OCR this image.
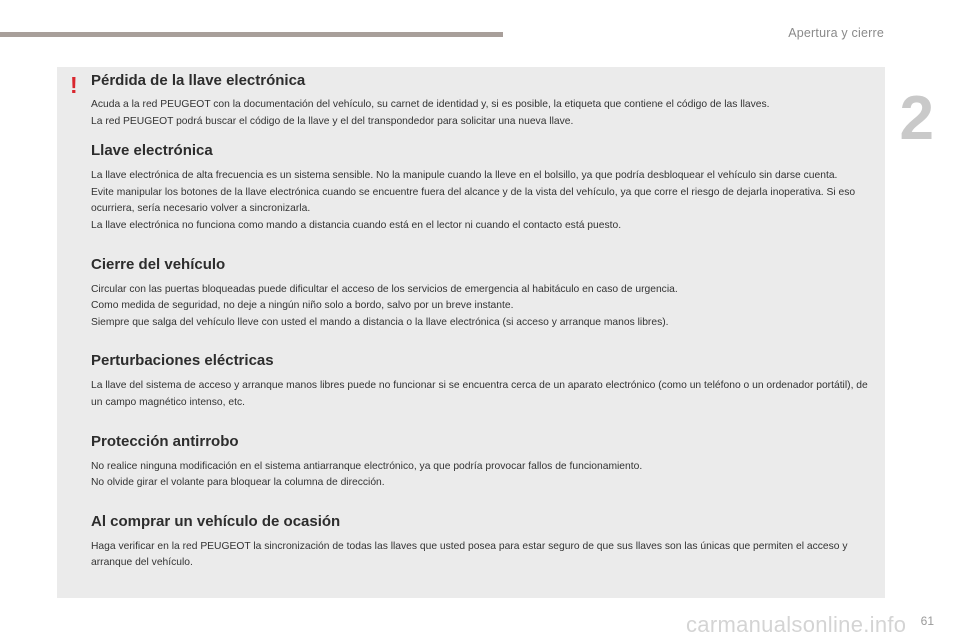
Apertura y cierre
2
! Pérdida de la llave electrónica

Acuda a la red PEUGEOT con la documentación del vehículo, su carnet de identidad y, si es posible, la etiqueta que contiene el código de las llaves.

La red PEUGEOT podrá buscar el código de la llave y el del transpondedor para solicitar una nueva llave.

Llave electrónica

La llave electrónica de alta frecuencia es un sistema sensible. No la manipule cuando la lleve en el bolsillo, ya que podría desbloquear el vehículo sin darse cuenta.

Evite manipular los botones de la llave electrónica cuando se encuentre fuera del alcance y de la vista del vehículo, ya que corre el riesgo de dejarla inoperativa. Si eso ocurriera, sería necesario volver a sincronizarla.

La llave electrónica no funciona como mando a distancia cuando está en el lector ni cuando el contacto está puesto.

Cierre del vehículo

Circular con las puertas bloqueadas puede dificultar el acceso de los servicios de emergencia al habitáculo en caso de urgencia.

Como medida de seguridad, no deje a ningún niño solo a bordo, salvo por un breve instante.

Siempre que salga del vehículo lleve con usted el mando a distancia o la llave electrónica (si acceso y arranque manos libres).

Perturbaciones eléctricas

La llave del sistema de acceso y arranque manos libres puede no funcionar si se encuentra cerca de un aparato electrónico (como un teléfono o un ordenador portátil), de un campo magnético intenso, etc.

Protección antirrobo

No realice ninguna modificación en el sistema antiarranque electrónico, ya que podría provocar fallos de funcionamiento.

No olvide girar el volante para bloquear la columna de dirección.

Al comprar un vehículo de ocasión

Haga verificar en la red PEUGEOT la sincronización de todas las llaves que usted posea para estar seguro de que sus llaves son las únicas que permiten el acceso y arranque del vehículo.

carmanualsonline.info 61
